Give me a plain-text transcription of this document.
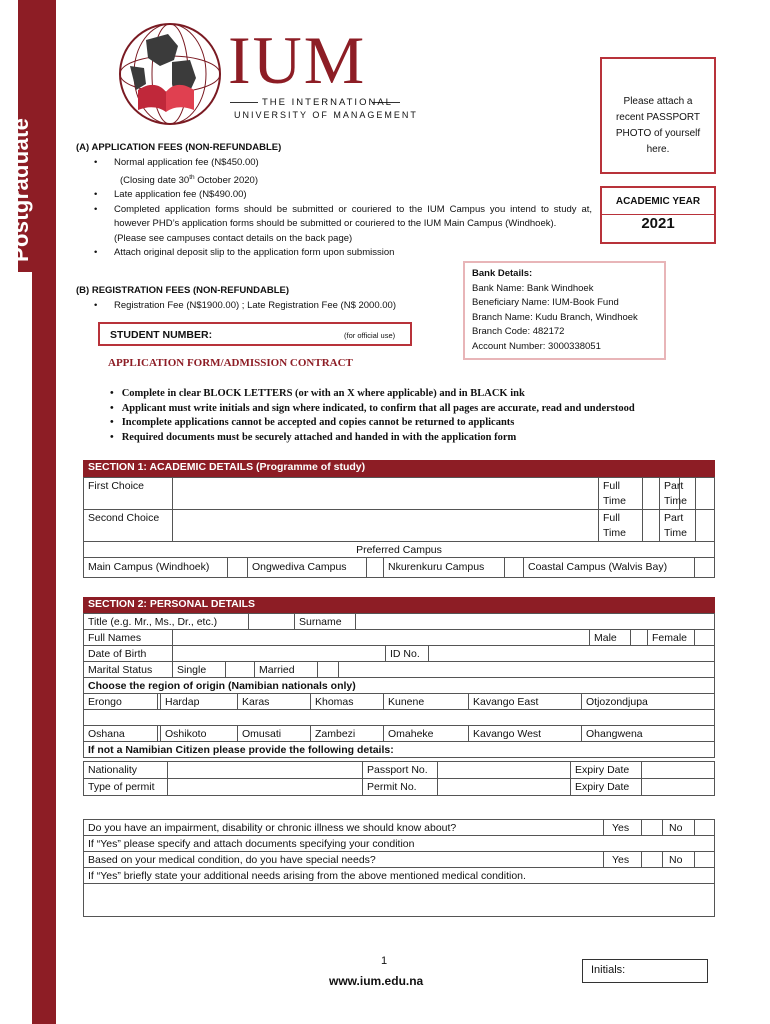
Postgraduate
IUM
THE INTERNATIONAL
UNIVERSITY OF MANAGEMENT
Please attach a
recent PASSPORT
PHOTO of yourself
here.
ACADEMIC YEAR
2021
(A) APPLICATION FEES (NON-REFUNDABLE)
• Normal application fee (N$450.00)
(Closing date 30th October 2020)
• Late application fee (N$490.00)
• Completed application forms should be submitted or couriered to the IUM Campus you intend to study at, however PHD’s application forms should be submitted or couriered to the IUM Main Campus (Windhoek).
(Please see campuses contact details on the back page)
• Attach original deposit slip to the application form upon submission
Bank Details:
Bank Name: Bank Windhoek
Beneficiary Name: IUM-Book Fund
Branch Name: Kudu Branch, Windhoek
Branch Code: 482172
Account Number: 3000338051
(B) REGISTRATION FEES (NON-REFUNDABLE)
• Registration Fee (N$1900.00) ; Late Registration Fee (N$ 2000.00)
STUDENT NUMBER:	(for official use)
APPLICATION FORM/ADMISSION CONTRACT
• Complete in clear BLOCK LETTERS (or with an X where applicable) and in BLACK ink
• Applicant must write initials and sign where indicated, to confirm that all pages are accurate, read and understood
• Incomplete applications cannot be accepted and copies cannot be returned to applicants
• Required documents must be securely attached and handed in with the application form
SECTION 1: ACADEMIC DETAILS (Programme of study)
First Choice	Full
Time
Part
Time
Second Choice	Full
Time
Part
Time
Preferred Campus
Main Campus (Windhoek)	Ongwediva Campus	Nkurenkuru Campus	Coastal Campus (Walvis Bay)
SECTION 2: PERSONAL DETAILS
Title (e.g. Mr., Ms., Dr., etc.)	Surname
Full Names	Male	Female
Date of Birth	ID No.
Marital Status	Single	Married
Choose the region of origin (Namibian nationals only)
Erongo	Hardap	Karas	Khomas	Kunene	Kavango East	Otjozondjupa
Oshana	Oshikoto	Omusati	Zambezi	Omaheke	Kavango West	Ohangwena
If not a Namibian Citizen please provide the following details:
Nationality	Passport No.	Expiry Date
Type of permit	Permit No.	Expiry Date
Do you have an impairment, disability or chronic illness we should know about?	Yes	No
If “Yes” please specify and attach documents specifying your condition
Based on your medical condition, do you have special needs?	Yes	No
If “Yes” briefly state your additional needs arising from the above mentioned medical condition.
1
www.ium.edu.na
Initials:
